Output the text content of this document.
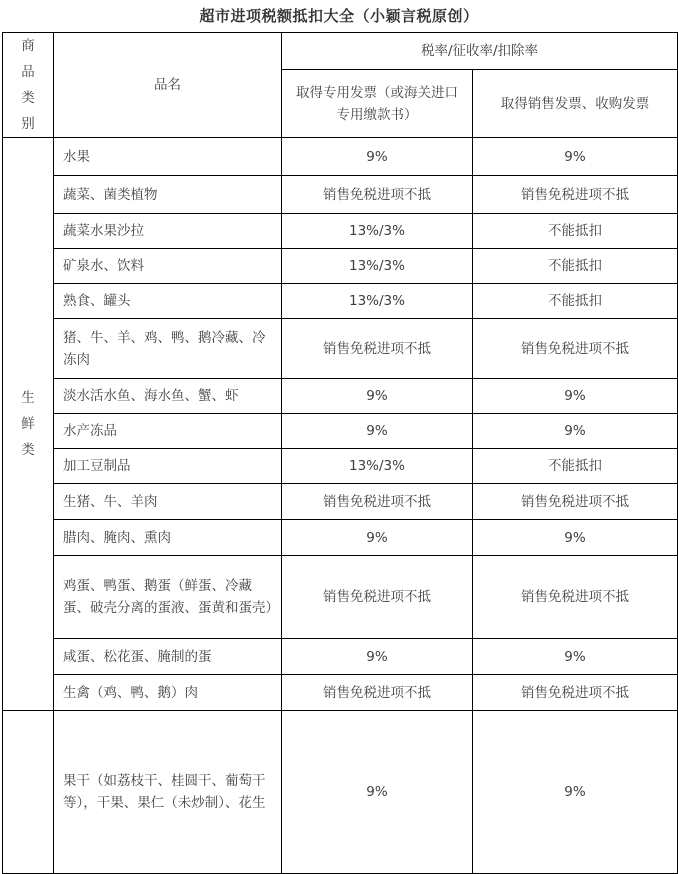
超市进项税额抵扣大全（小颖言税原创）
商
品
类
别	品名	税率/征收率/扣除率	

		取得专用发票（或海关进口专用缴款书）	取得销售发票、收购发票

生
鲜
类	水果	9%	9%
	蔬菜、菌类植物	销售免税进项不抵	销售免税进项不抵
	蔬菜水果沙拉	13%/3%	不能抵扣
	矿泉水、饮料	13%/3%	不能抵扣
	熟食、罐头	13%/3%	不能抵扣
	猪、牛、羊、鸡、鸭、鹅冷藏、冷冻肉	销售免税进项不抵	销售免税进项不抵
	淡水活水鱼、海水鱼、蟹、虾	9%	9%
	水产冻品	9%	9%
	加工豆制品	13%/3%	不能抵扣
	生猪、牛、羊肉	销售免税进项不抵	销售免税进项不抵
	腊肉、腌肉、熏肉	9%	9%
	鸡蛋、鸭蛋、鹅蛋（鲜蛋、冷藏蛋、破壳分离的蛋液、蛋黄和蛋壳）	销售免税进项不抵	销售免税进项不抵
	咸蛋、松花蛋、腌制的蛋	9%	9%
	生禽（鸡、鸭、鹅）肉	销售免税进项不抵	销售免税进项不抵
	果干（如荔枝干、桂圆干、葡萄干等），干果、果仁（未炒制）、花生	9%	9%
